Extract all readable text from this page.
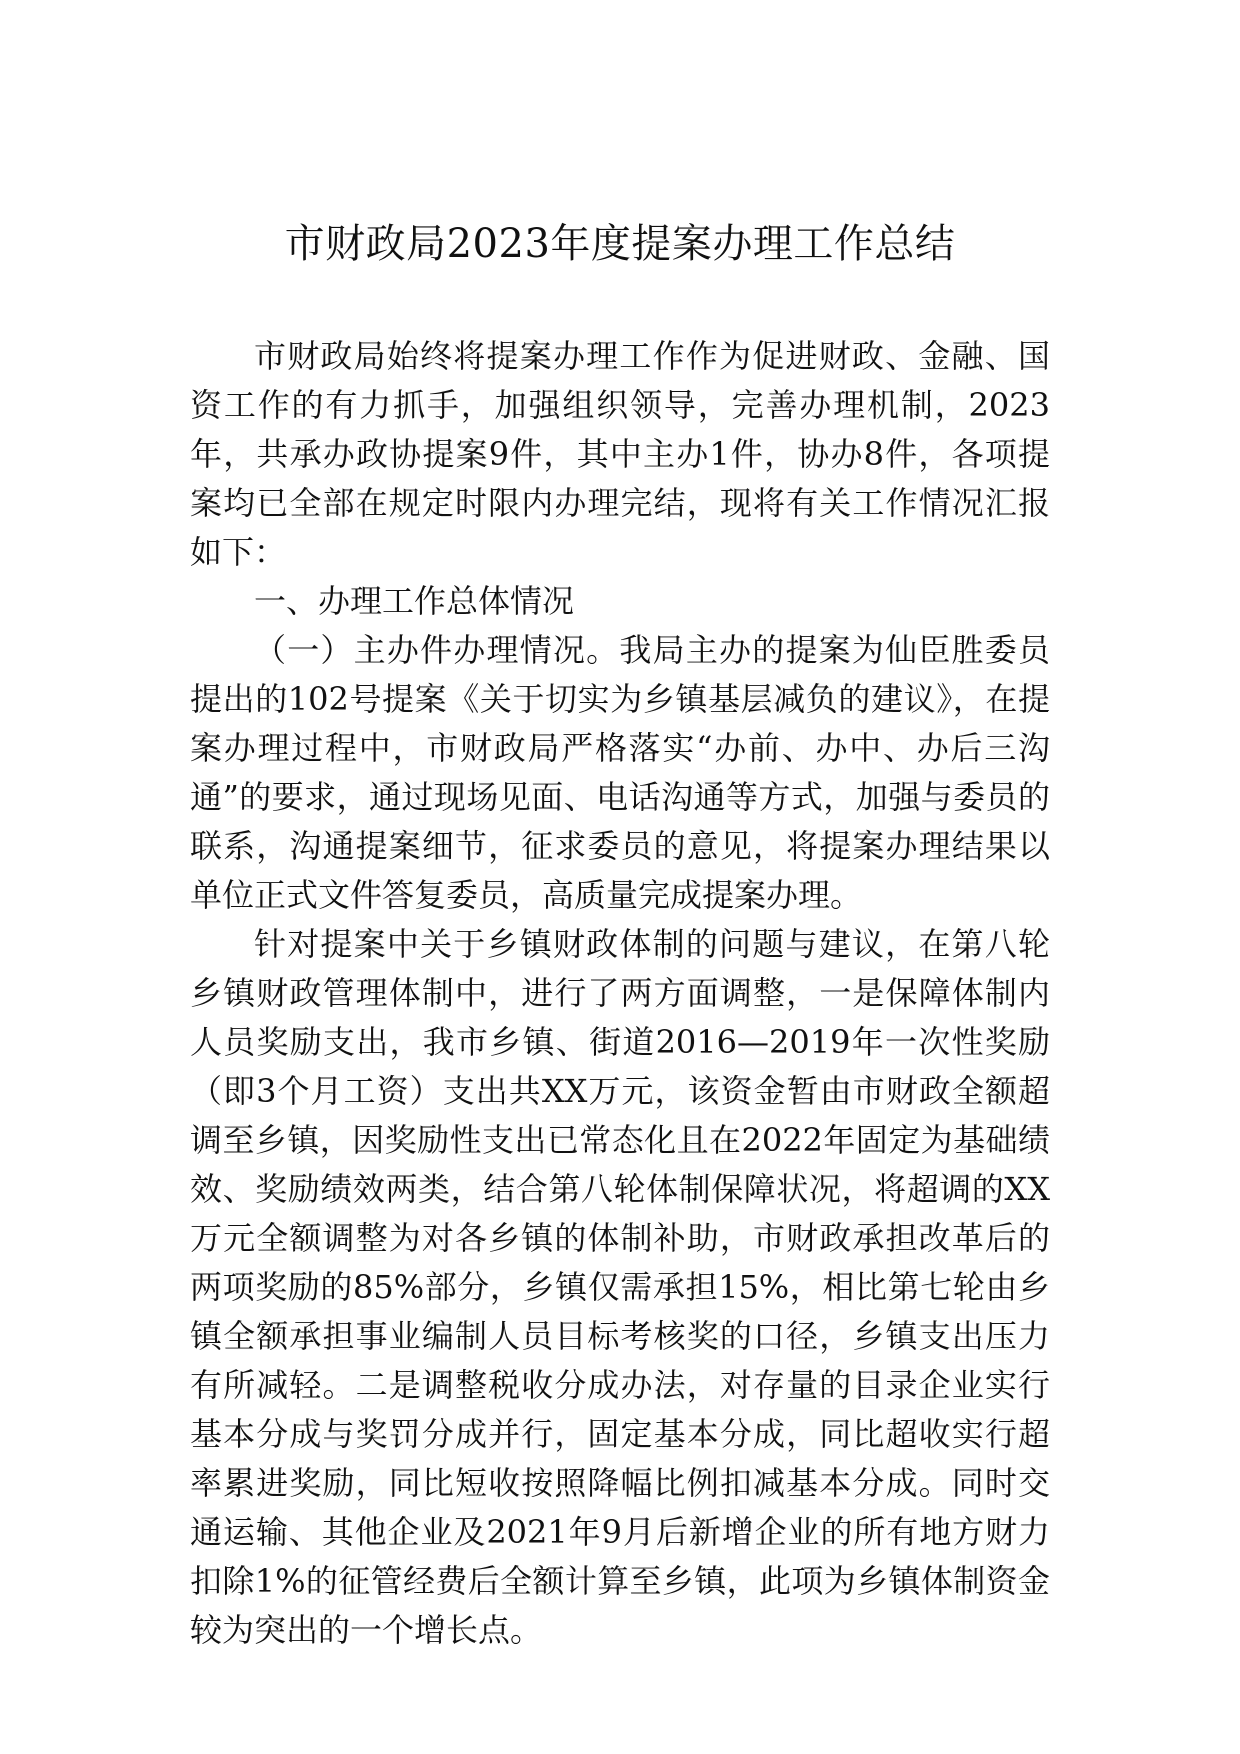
市财政局2023年度提案办理工作总结

市财政局始终将提案办理工作作为促进财政、金融、国资工作的有力抓手，加强组织领导，完善办理机制，2023年，共承办政协提案9件，其中主办1件，协办8件，各项提案均已全部在规定时限内办理完结，现将有关工作情况汇报如下：

一、办理工作总体情况

（一）主办件办理情况。我局主办的提案为仙臣胜委员提出的102号提案《关于切实为乡镇基层减负的建议》，在提案办理过程中，市财政局严格落实“办前、办中、办后三沟通”的要求，通过现场见面、电话沟通等方式，加强与委员的联系，沟通提案细节，征求委员的意见，将提案办理结果以单位正式文件答复委员，高质量完成提案办理。

针对提案中关于乡镇财政体制的问题与建议，在第八轮乡镇财政管理体制中，进行了两方面调整，一是保障体制内人员奖励支出，我市乡镇、街道2016—2019年一次性奖励（即3个月工资）支出共XX万元，该资金暂由市财政全额超调至乡镇，因奖励性支出已常态化且在2022年固定为基础绩效、奖励绩效两类，结合第八轮体制保障状况，将超调的XX万元全额调整为对各乡镇的体制补助，市财政承担改革后的两项奖励的85%部分，乡镇仅需承担15%，相比第七轮由乡镇全额承担事业编制人员目标考核奖的口径，乡镇支出压力有所减轻。二是调整税收分成办法，对存量的目录企业实行基本分成与奖罚分成并行，固定基本分成，同比超收实行超率累进奖励，同比短收按照降幅比例扣减基本分成。同时交通运输、其他企业及2021年9月后新增企业的所有地方财力扣除1%的征管经费后全额计算至乡镇，此项为乡镇体制资金较为突出的一个增长点。
